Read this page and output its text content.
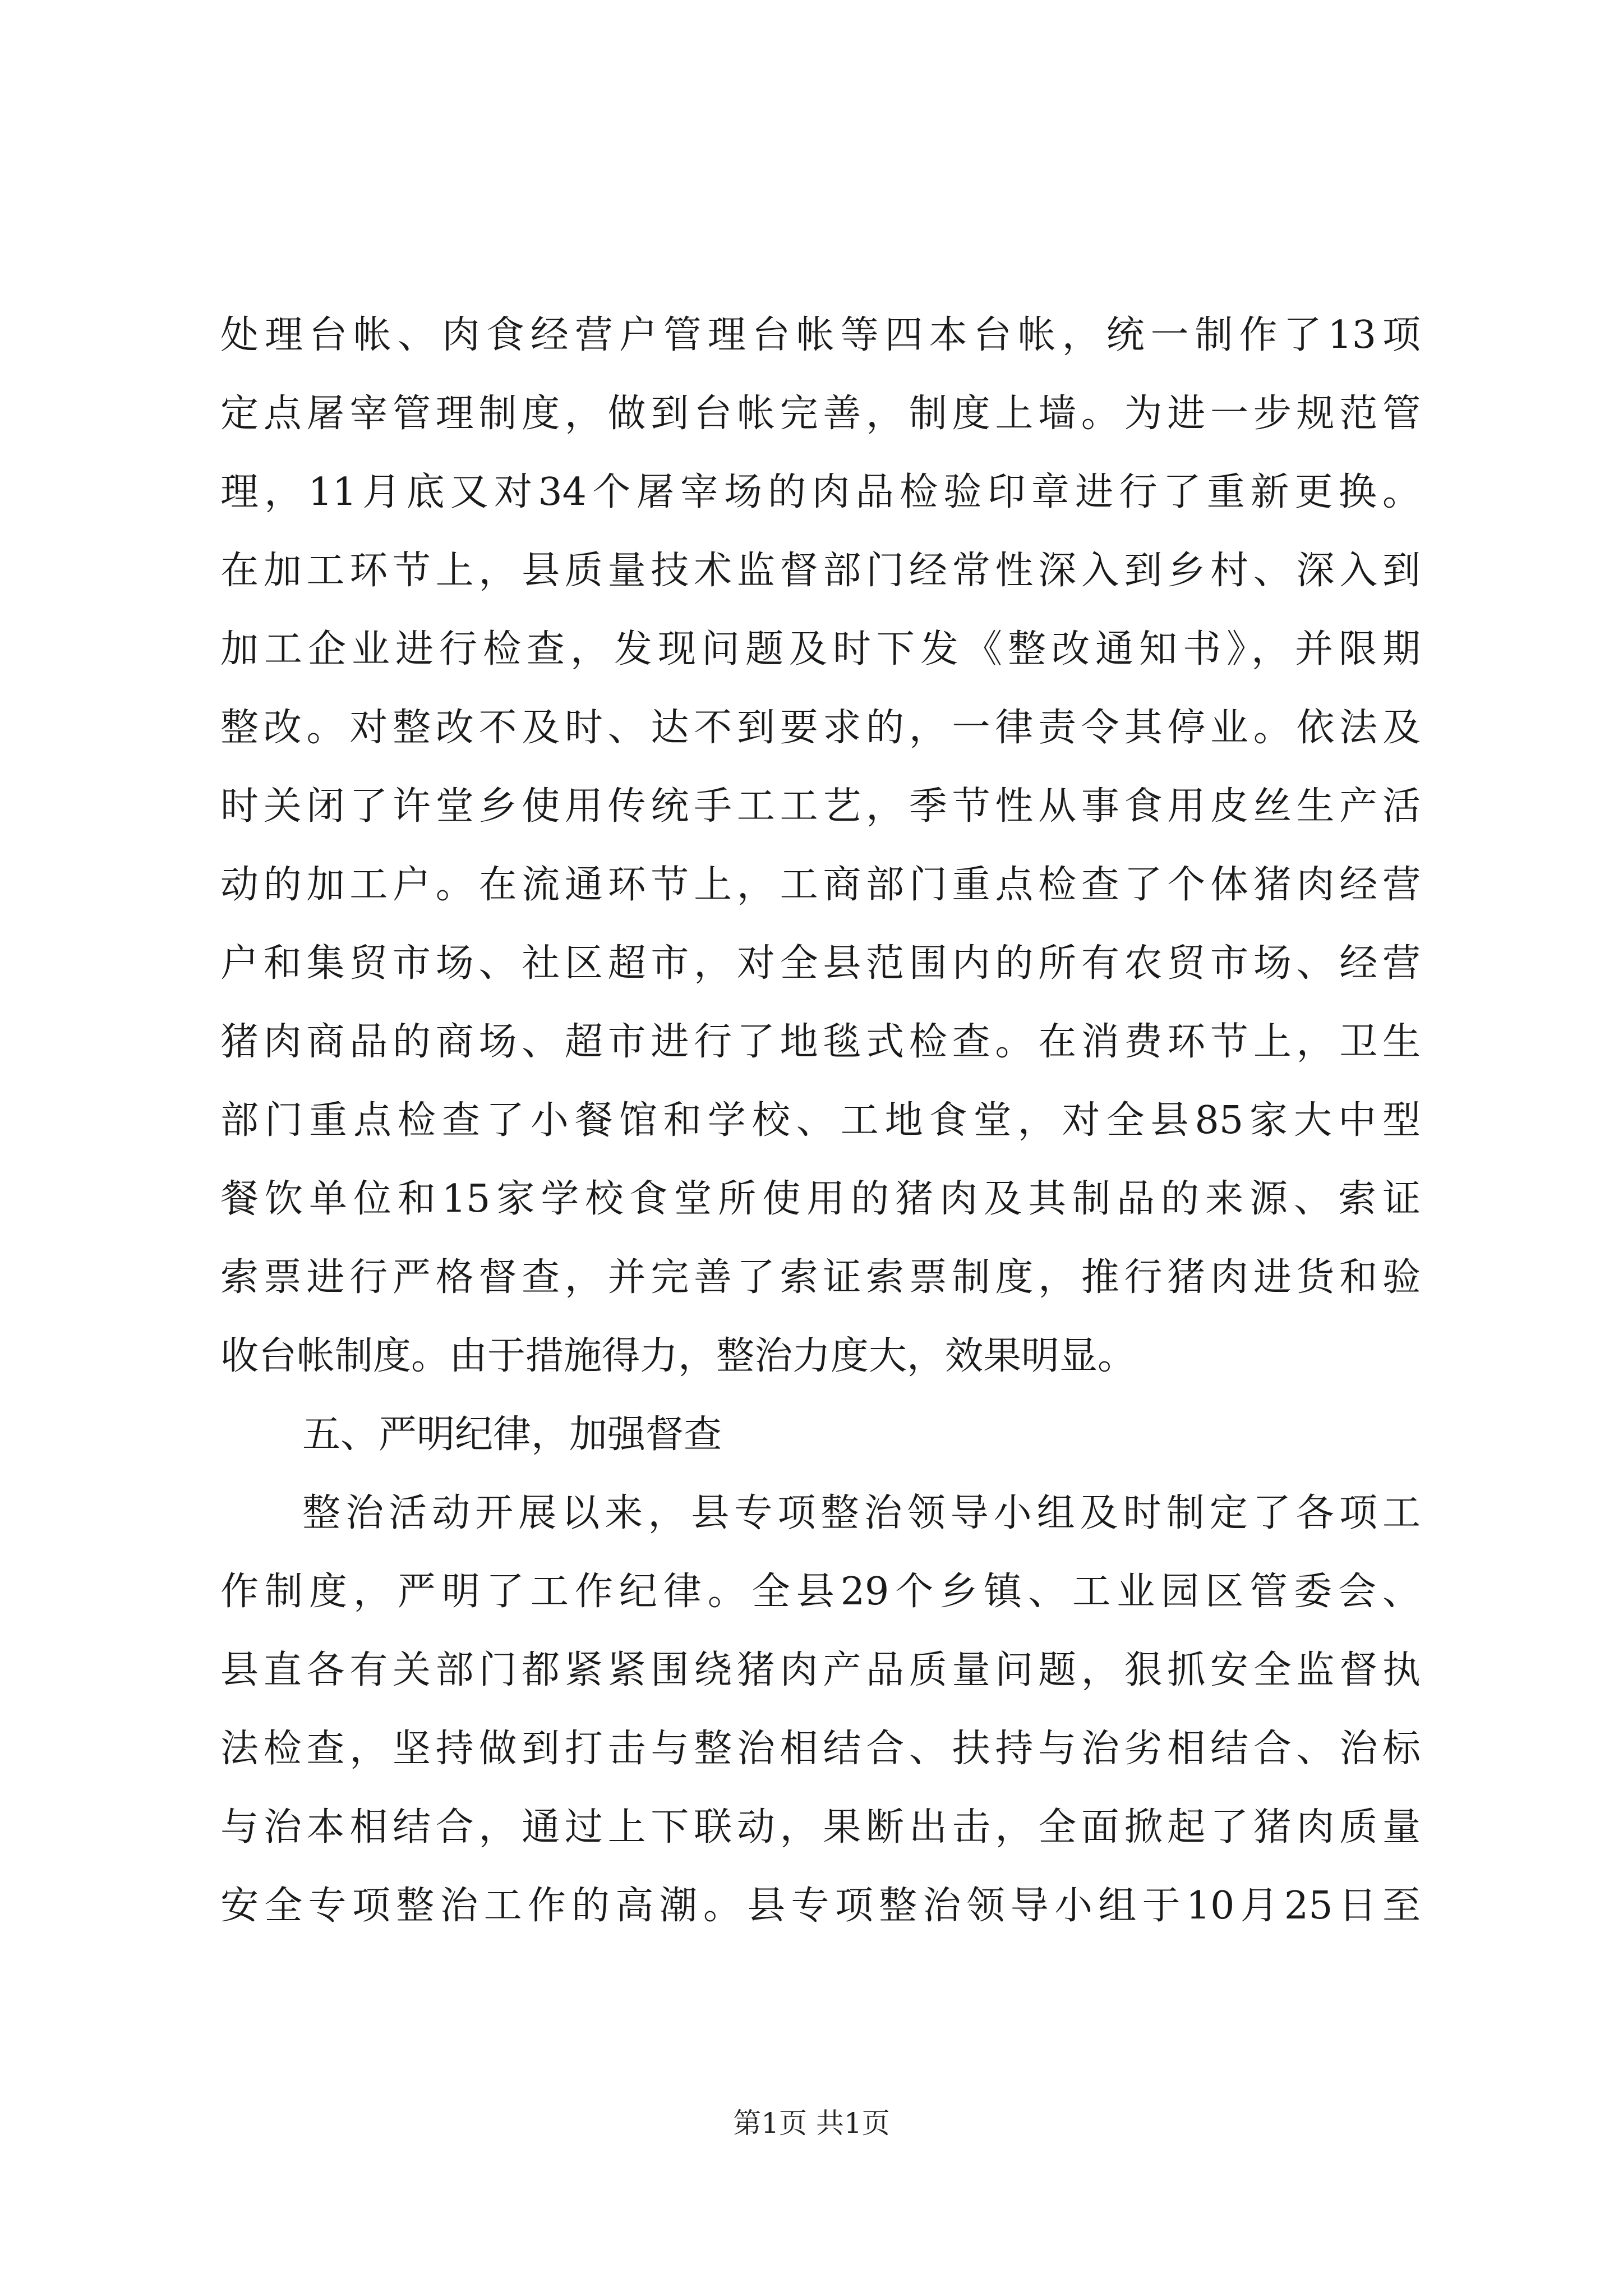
处理台帐、肉食经营户管理台帐等四本台帐，统一制作了13项
定点屠宰管理制度，做到台帐完善，制度上墙。为进一步规范管
理，11月底又对34个屠宰场的肉品检验印章进行了重新更换。
在加工环节上，县质量技术监督部门经常性深入到乡村、深入到
加工企业进行检查，发现问题及时下发《整改通知书》，并限期
整改。对整改不及时、达不到要求的，一律责令其停业。依法及
时关闭了许堂乡使用传统手工工艺，季节性从事食用皮丝生产活
动的加工户。在流通环节上，工商部门重点检查了个体猪肉经营
户和集贸市场、社区超市，对全县范围内的所有农贸市场、经营
猪肉商品的商场、超市进行了地毯式检查。在消费环节上，卫生
部门重点检查了小餐馆和学校、工地食堂，对全县85家大中型
餐饮单位和15家学校食堂所使用的猪肉及其制品的来源、索证
索票进行严格督查，并完善了索证索票制度，推行猪肉进货和验
收台帐制度。由于措施得力，整治力度大，效果明显。
五、严明纪律，加强督查
整治活动开展以来，县专项整治领导小组及时制定了各项工
作制度，严明了工作纪律。全县29个乡镇、工业园区管委会、
县直各有关部门都紧紧围绕猪肉产品质量问题，狠抓安全监督执
法检查，坚持做到打击与整治相结合、扶持与治劣相结合、治标
与治本相结合，通过上下联动，果断出击，全面掀起了猪肉质量
安全专项整治工作的高潮。县专项整治领导小组于10月25日至
第1页 共1页
